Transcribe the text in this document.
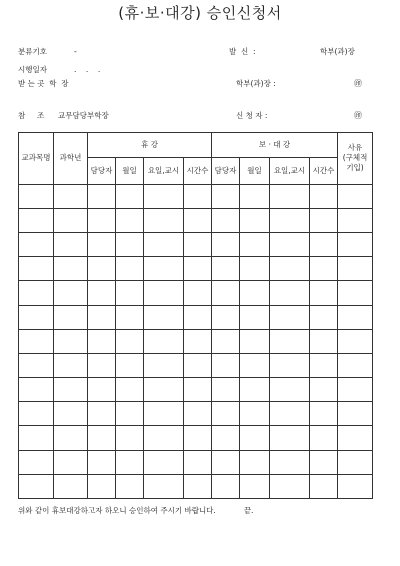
(휴·보·대강) 승인신청서
분류기호	-	발  신  :	학부(과)장
시행일자	.    .    .
받 는 곳  학  장	학부(과)장 :	㊞
참     조 교무담당부학장	신 청 자 :	㊞
교과목명	과학년	휴 강				보 · 대 강				사유
(구체적
기입)

		담당자	월일	요일,교시	시간수	담당자	월일	요일,교시	시간수	

위와 같이 휴보대강하고자 하오니 승인하여 주시기 바랍니다.	끝.
